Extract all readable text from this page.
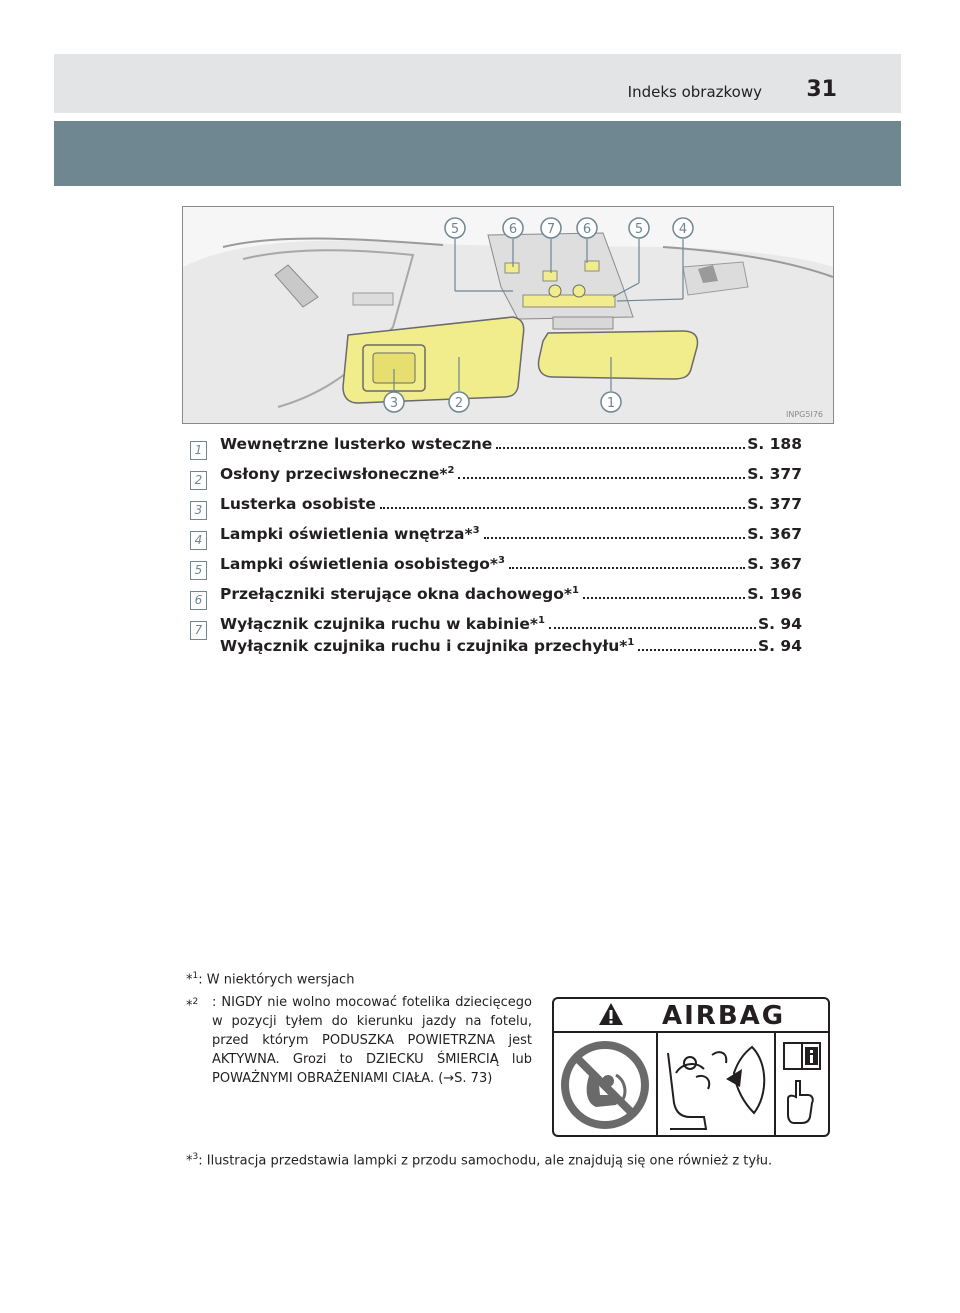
Indeks obrazkowy 31
5	6 7 6	5	4
3	2	1
INPG5I76
1	Wewnętrzne lusterko wsteczne	S. 188
2	Osłony przeciwsłoneczne*$^2$	S. 377
3	Lusterka osobiste	S. 377
4	Lampki oświetlenia wnętrza*$^3$	S. 367
5	Lampki oświetlenia osobistego*$^3$	S. 367
6	Przełączniki sterujące okna dachowego*$^1$	S. 196
7	Wyłącznik czujnika ruchu w kabinie*$^1$	S. 94
Wyłącznik czujnika ruchu i czujnika przechyłu*$^1$	S. 94
*$^1$: W niektórych wersjach
*$^2$ : NIGDY nie wolno mocować fotelika dziecięcego w pozycji tyłem do kierunku jazdy na fotelu, przed którym PODUSZKA POWIETRZNA jest AKTYWNA. Grozi to DZIECKU ŚMIERCIĄ lub POWAŻNYMI OBRAŻENIAMI CIAŁA. (→S. 73)
AIRBAG
*$^3$: Ilustracja przedstawia lampki z przodu samochodu, ale znajdują się one również z tyłu.
